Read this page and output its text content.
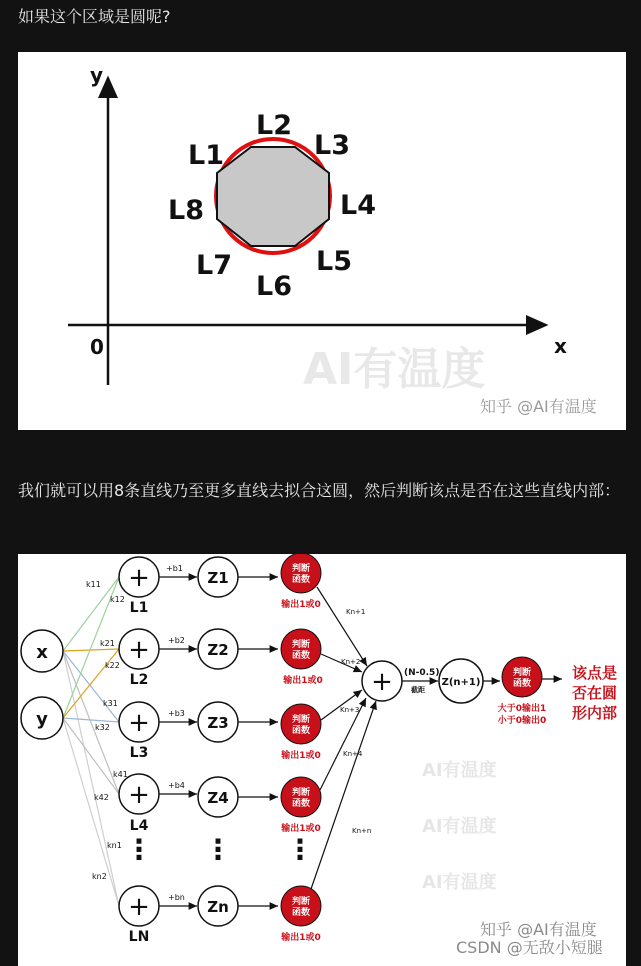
如果这个区域是圆呢?
y
x
0
L1
L2
L3
L4
L5
L6
L7
L8
AI有温度
知乎 @AI有温度
我们就可以用8条直线乃至更多直线去拟合这圆，然后判断该点是否在这些直线内部：
k11
k12
k21
k22
k31
k32
k41
k42
kn1
kn2
x
y
+
L1
+b1
Z1	判断
函数
输出1或0
+
L2
+b2
Z2	判断
函数
输出1或0
+
L3
+b3
Z3	判断
函数
输出1或0
+
L4
+b4
Z4	判断
函数
输出1或0
⋮ ⋮ ⋮
+
LN
+bn
Zn	判断
函数
输出1或0
Kn+1
Kn+2
Kn+3
Kn+4
Kn+n
+ (N-0.5)
截距
Z(n+1)
判断
函数
大于0输出1
小于0输出0
该点是
否在圆
形内部
AI有温度
AI有温度
AI有温度
知乎 @AI有温度
CSDN @无敌小短腿
